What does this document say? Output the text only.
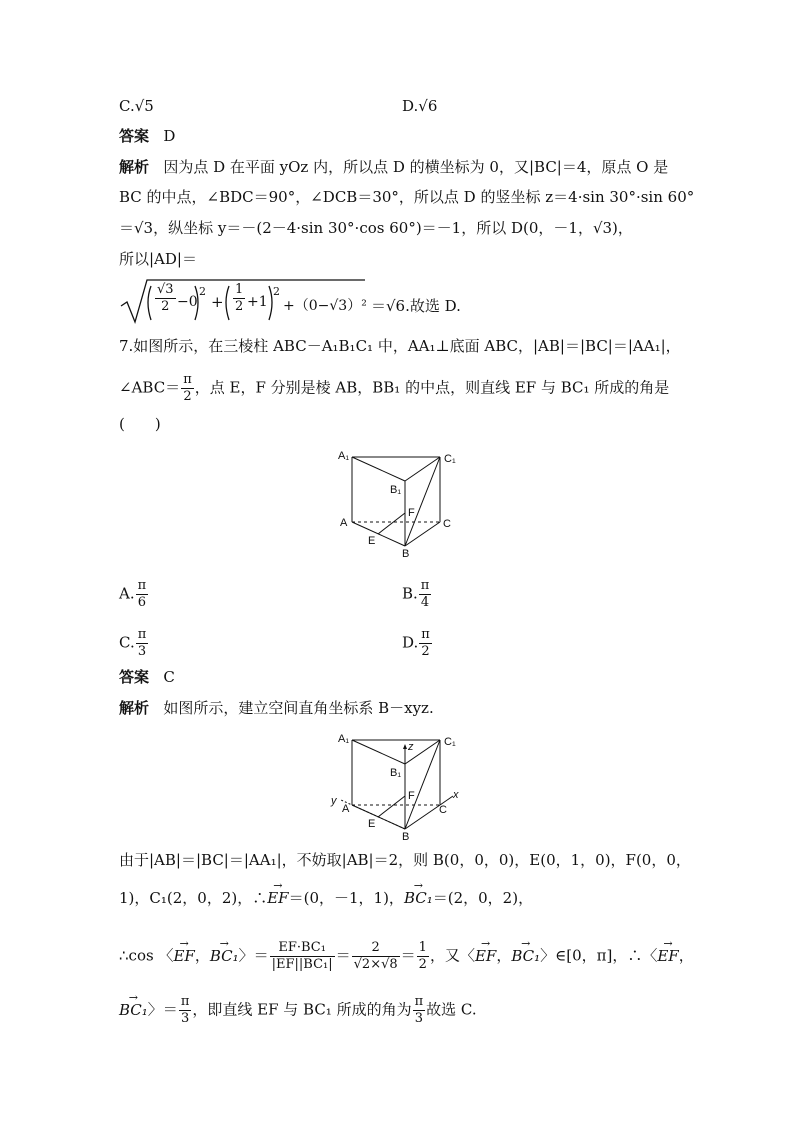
C.√5	D.√6
答案 D
解析 因为点 D 在平面 yOz 内，所以点 D 的横坐标为 0，又|BC|＝4，原点 O 是
BC 的中点，∠BDC＝90°，∠DCB＝30°，所以点 D 的竖坐标 z＝4·sin 30°·sin 60°
＝√3，纵坐标 y＝－(2－4·sin 30°·cos 60°)＝－1，所以 D(0，－1，√3)，
所以|AD|＝
√3
2 −0
2
+
1
2 +1
2
+（0−√3）² ＝√6.故选 D.
7.如图所示，在三棱柱 ABC－A₁B₁C₁ 中，AA₁⊥底面 ABC，|AB|＝|BC|＝|AA₁|，
∠ABC＝ $\frac{\pi}{2}$ ，点 E，F 分别是棱 AB，BB₁ 的中点，则直线 EF 与 BC₁ 所成的角是
(　　)
A₁	C₁
B₁
F
A	C
E
B
A. $\frac{\pi}{6}$	B. $\frac{\pi}{4}$
C. $\frac{\pi}{3}$	D. $\frac{\pi}{2}$
答案 C
解析 如图所示，建立空间直角坐标系 B－xyz.
z
y	x
A₁	C₁
B₁
F
A	C
E
B
由于|AB|＝|BC|＝|AA₁|，不妨取|AB|＝2，则 B(0，0，0)，E(0，1，0)，F(0，0，
1)，C₁(2，0，2)，∴→ EF＝(0，－1，1)，→ BC₁＝(2，0，2)，
∴cos 〈→ EF，→ BC₁〉＝ $\frac{\text{EF·BC₁}}{\text{|EF||BC₁|}} = \frac{2}{√2\times√8} = \frac{1}{2}$ ，又〈→ EF，→ BC₁〉∈[0，π]，∴〈→ EF，
→ BC₁〉＝ $\frac{\pi}{3}$ ，即直线 EF 与 BC₁ 所成的角为 $\frac{\pi}{3}$ 故选 C.
